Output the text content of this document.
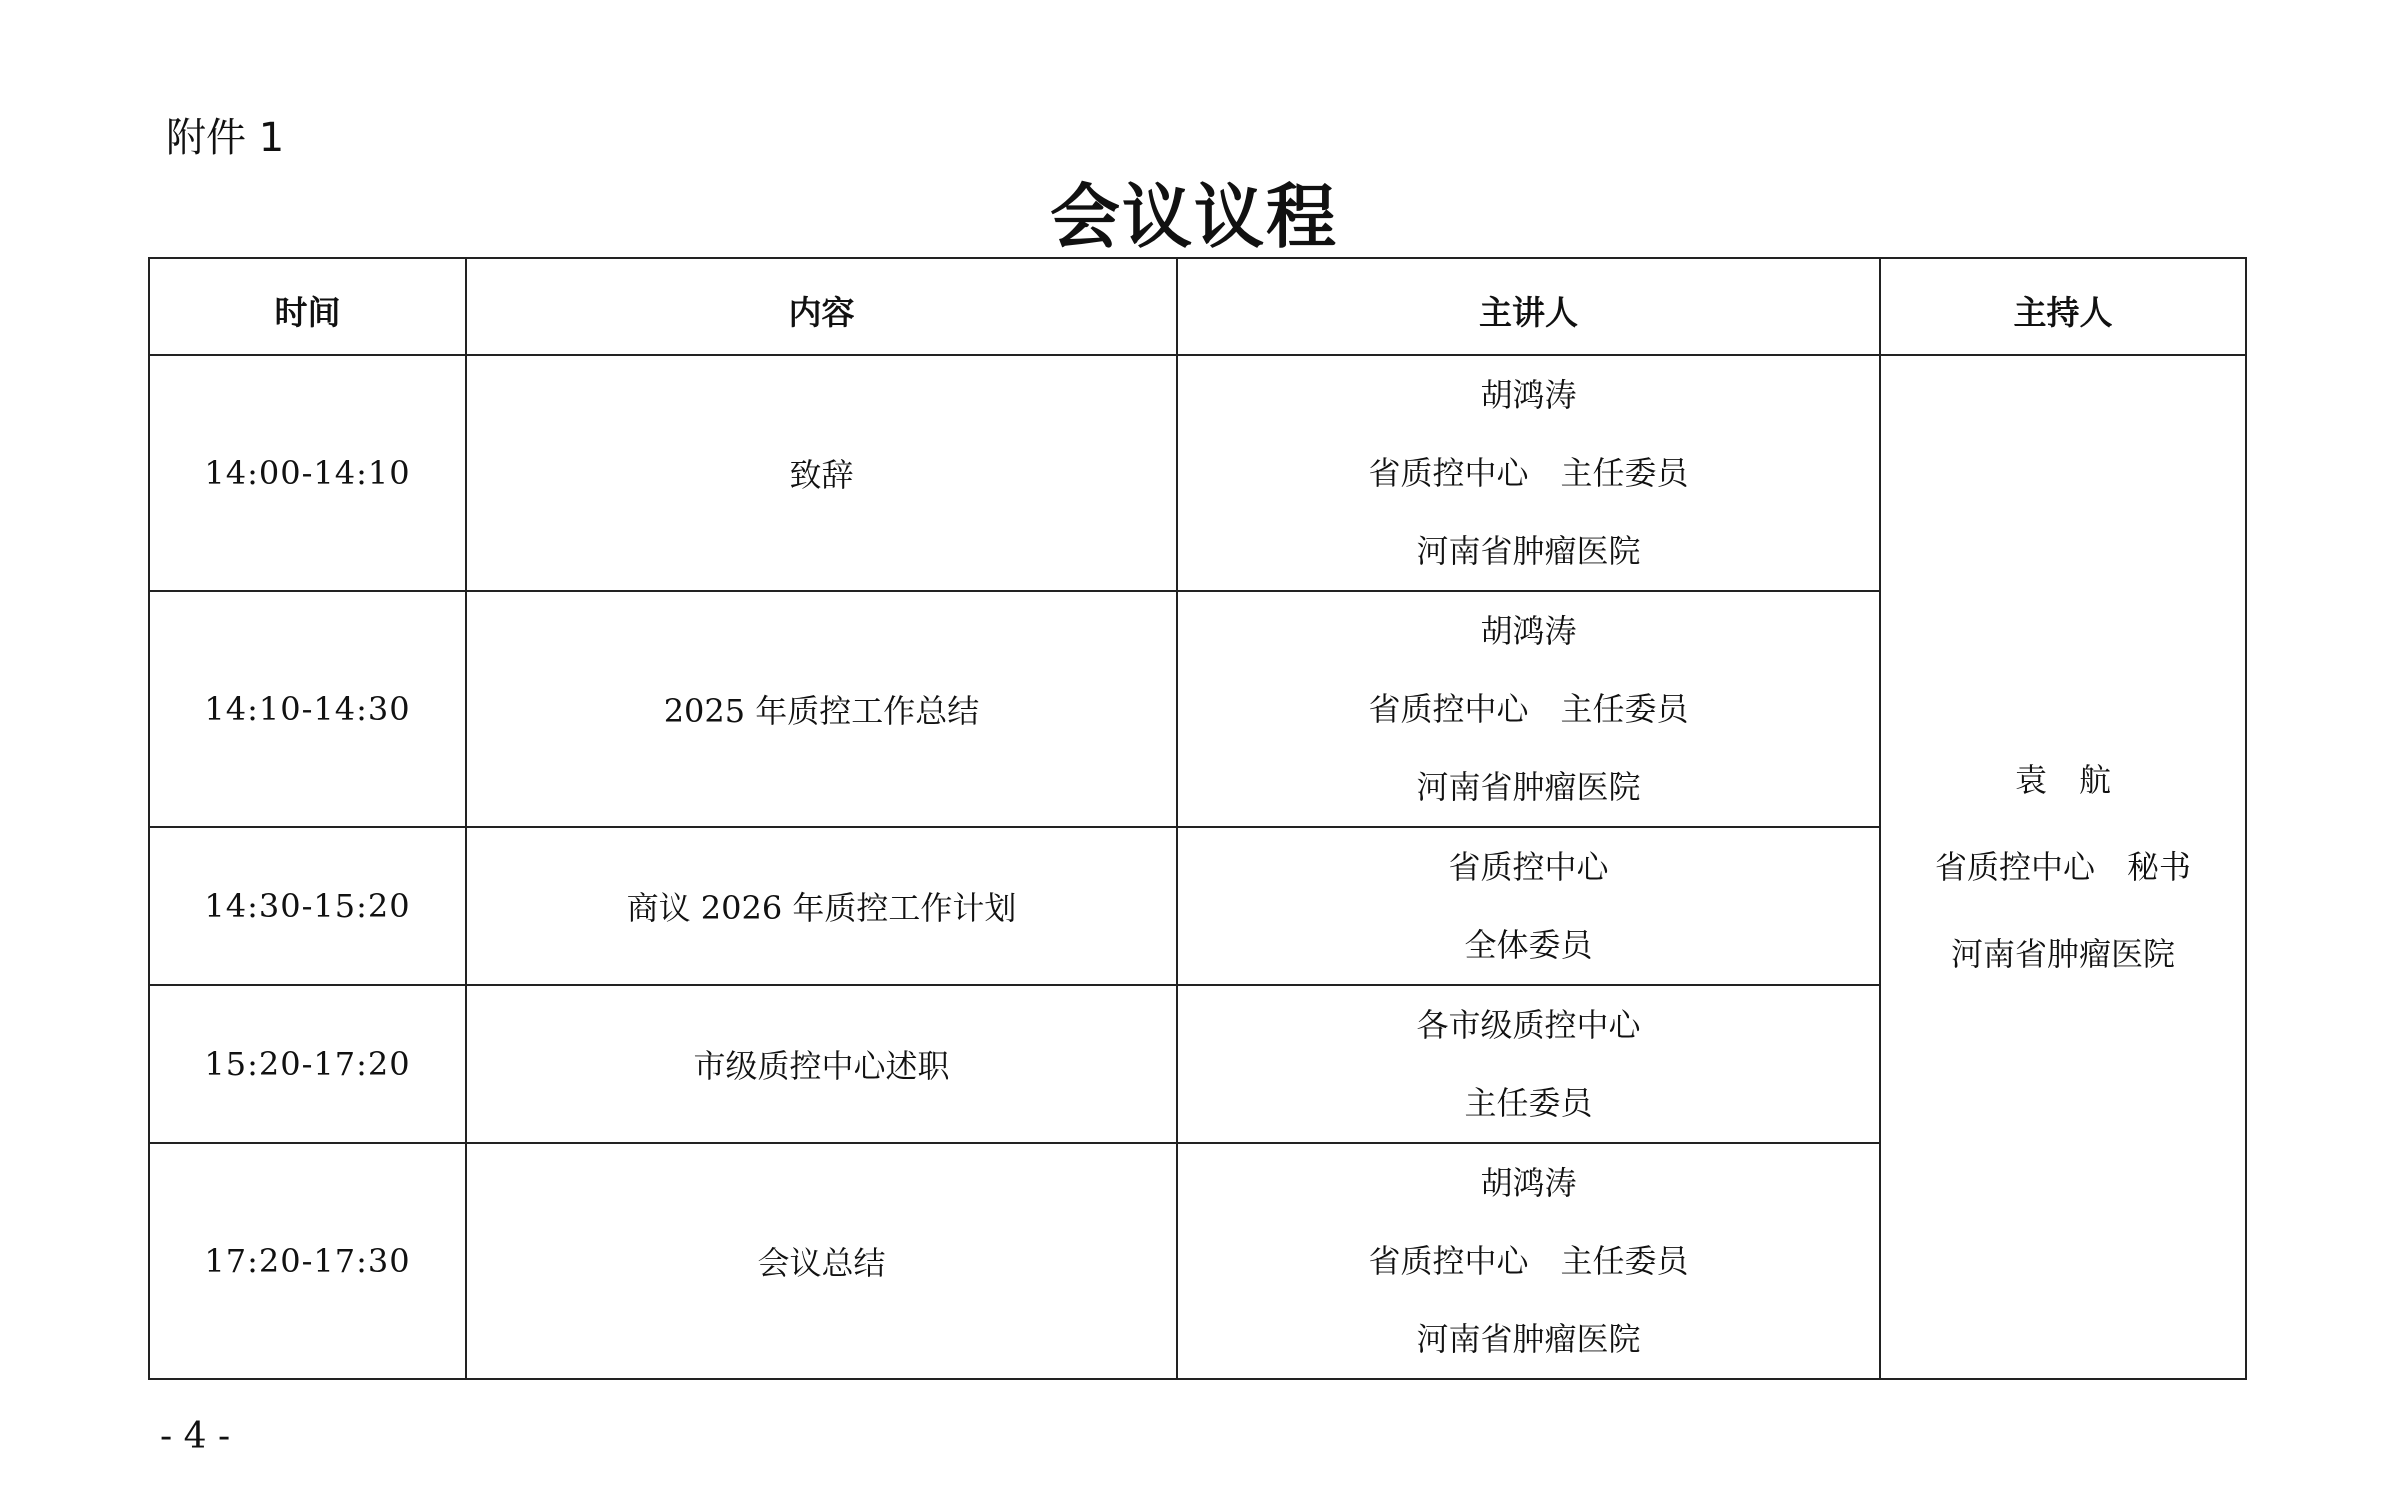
附件 1
会议议程
时间	内容	主讲人	主持人
14:00-14:10	致辞	胡鸿涛
省质控中心　主任委员
河南省肿瘤医院	袁　航
省质控中心　秘书
河南省肿瘤医院

14:10-14:30	2025 年质控工作总结	胡鸿涛
省质控中心　主任委员
河南省肿瘤医院	

14:30-15:20	商议 2026 年质控工作计划	省质控中心
全体委员	

15:20-17:20	市级质控中心述职	各市级质控中心
主任委员	

17:20-17:30	会议总结	胡鸿涛
省质控中心　主任委员
河南省肿瘤医院	
- 4 -
